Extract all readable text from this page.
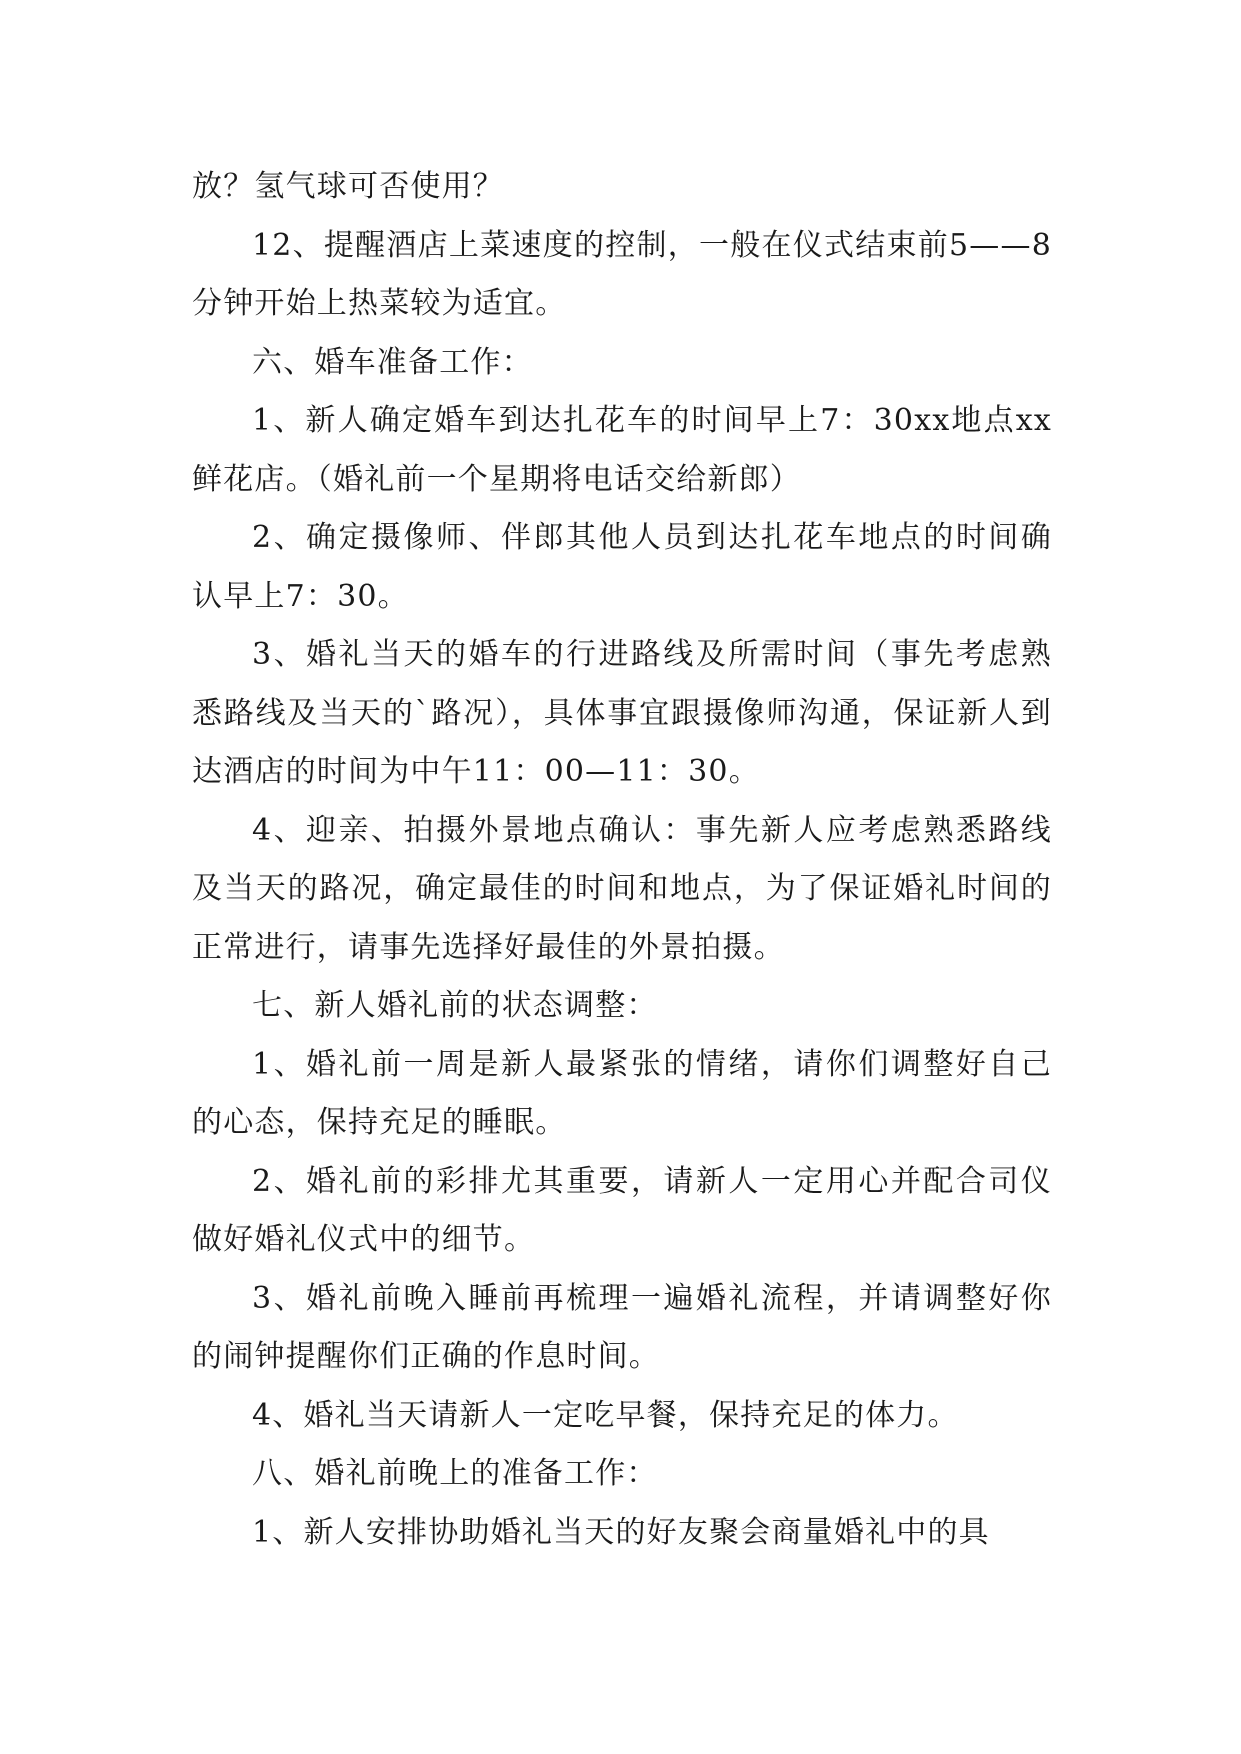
放？氢气球可否使用？

12、提醒酒店上菜速度的控制，一般在仪式结束前5——8分钟开始上热菜较为适宜。

六、婚车准备工作：

1、新人确定婚车到达扎花车的时间早上7：30xx地点xx鲜花店。（婚礼前一个星期将电话交给新郎）

2、确定摄像师、伴郎其他人员到达扎花车地点的时间确认早上7：30。

3、婚礼当天的婚车的行进路线及所需时间（事先考虑熟悉路线及当天的`路况），具体事宜跟摄像师沟通，保证新人到达酒店的时间为中午11：00—11：30。

4、迎亲、拍摄外景地点确认：事先新人应考虑熟悉路线及当天的路况，确定最佳的时间和地点，为了保证婚礼时间的正常进行，请事先选择好最佳的外景拍摄。

七、新人婚礼前的状态调整：

1、婚礼前一周是新人最紧张的情绪，请你们调整好自己的心态，保持充足的睡眠。

2、婚礼前的彩排尤其重要，请新人一定用心并配合司仪做好婚礼仪式中的细节。

3、婚礼前晚入睡前再梳理一遍婚礼流程，并请调整好你的闹钟提醒你们正确的作息时间。

4、婚礼当天请新人一定吃早餐，保持充足的体力。

八、婚礼前晚上的准备工作：

1、新人安排协助婚礼当天的好友聚会商量婚礼中的具
